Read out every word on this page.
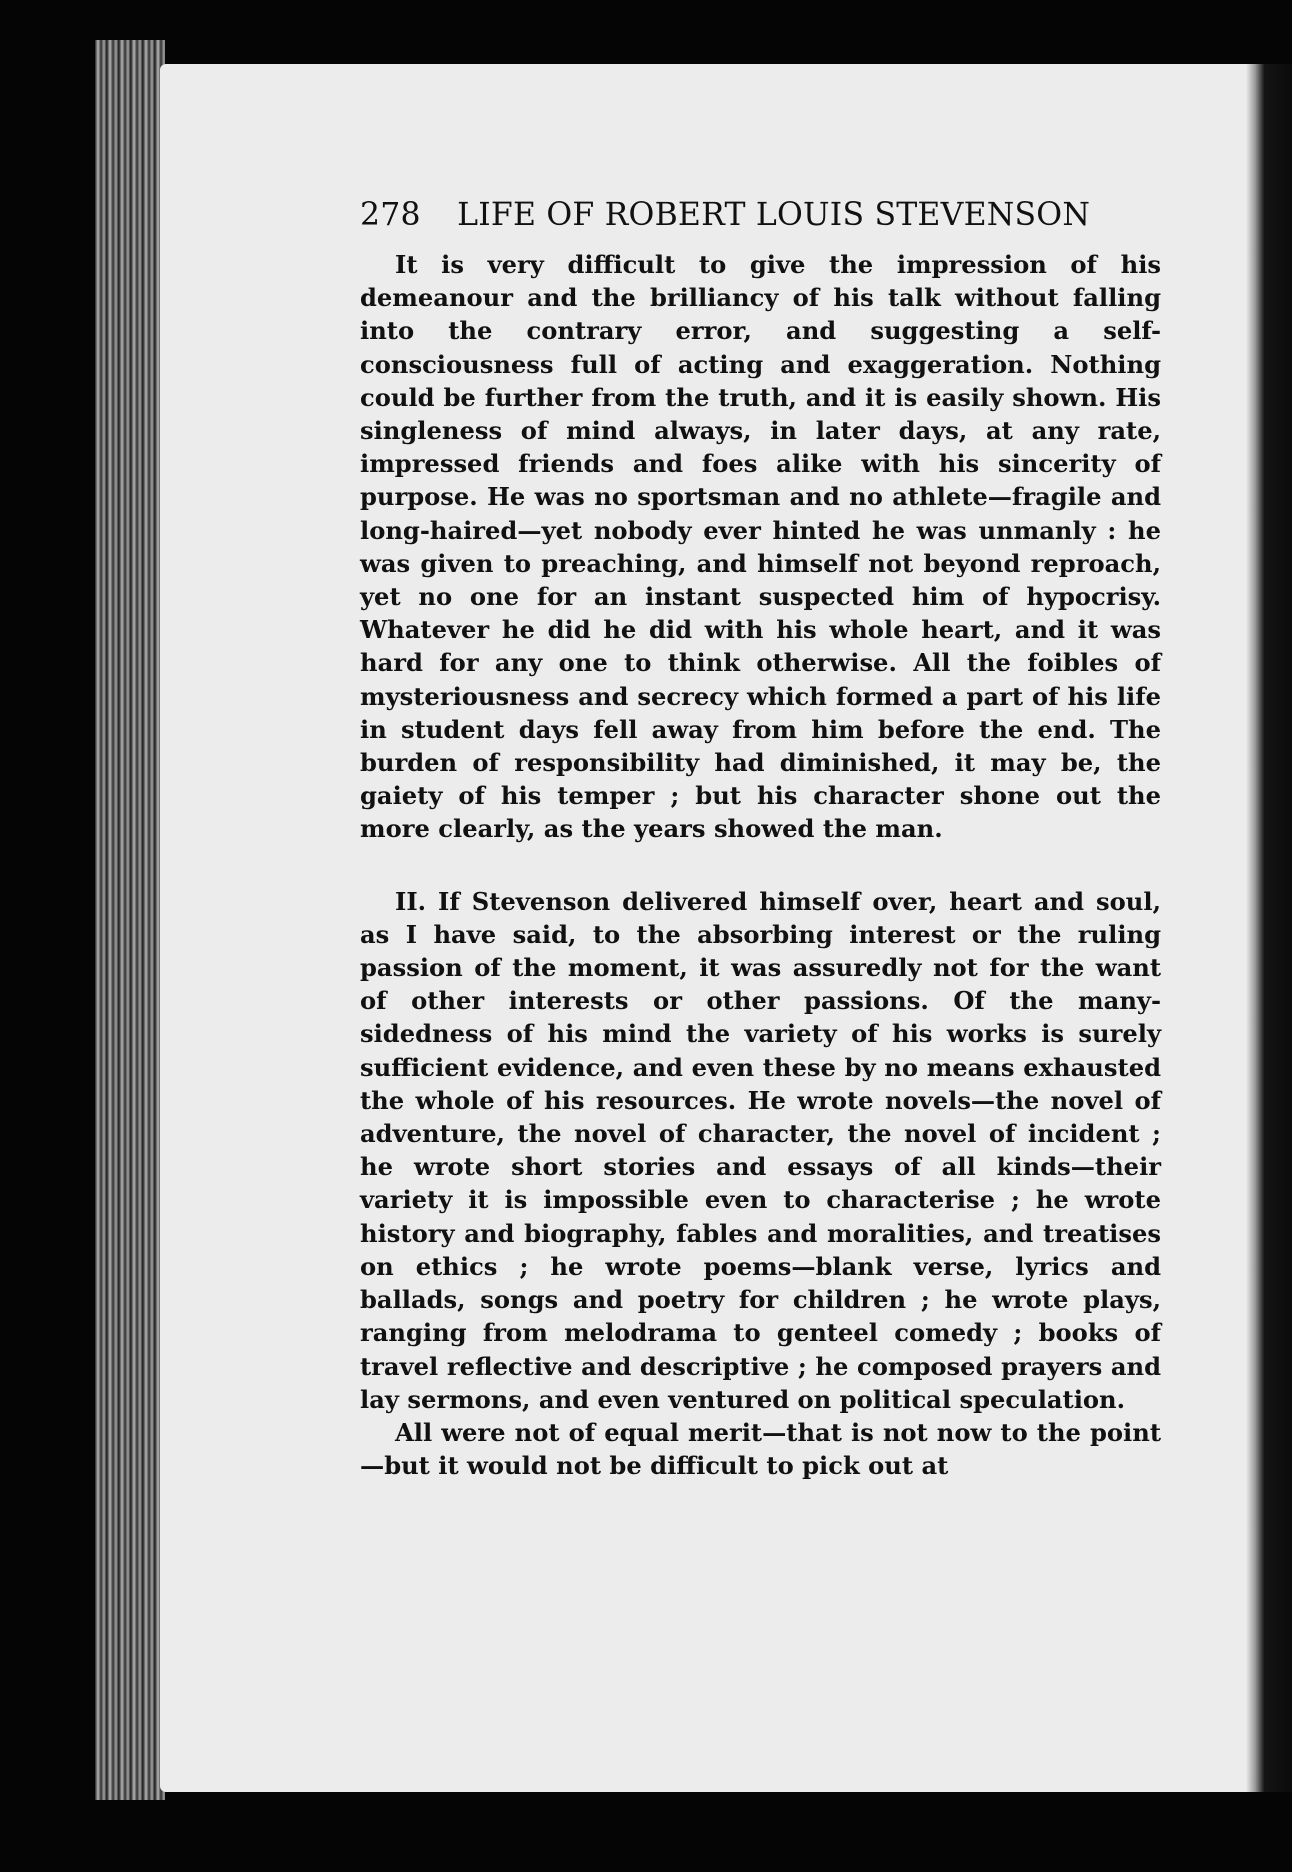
278   LIFE OF ROBERT LOUIS STEVENSON

It is very difficult to give the impression of his demeanour and the brilliancy of his talk without falling into the contrary error, and suggesting a self-consciousness full of acting and exaggeration. Nothing could be further from the truth, and it is easily shown. His singleness of mind always, in later days, at any rate, impressed friends and foes alike with his sincerity of purpose. He was no sportsman and no athlete—fragile and long-haired—yet nobody ever hinted he was unmanly : he was given to preaching, and himself not beyond reproach, yet no one for an instant suspected him of hypocrisy. Whatever he did he did with his whole heart, and it was hard for any one to think otherwise. All the foibles of mysteriousness and secrecy which formed a part of his life in student days fell away from him before the end. The burden of responsibility had diminished, it may be, the gaiety of his temper ; but his character shone out the more clearly, as the years showed the man.

II. If Stevenson delivered himself over, heart and soul, as I have said, to the absorbing interest or the ruling passion of the moment, it was assuredly not for the want of other interests or other passions. Of the many-sidedness of his mind the variety of his works is surely sufficient evidence, and even these by no means exhausted the whole of his resources. He wrote novels—the novel of adventure, the novel of character, the novel of incident ; he wrote short stories and essays of all kinds—their variety it is impossible even to characterise ; he wrote history and biography, fables and moralities, and treatises on ethics ; he wrote poems—blank verse, lyrics and ballads, songs and poetry for children ; he wrote plays, ranging from melodrama to genteel comedy ; books of travel reflective and descriptive ; he composed prayers and lay sermons, and even ventured on political speculation.

All were not of equal merit—that is not now to the point—but it would not be difficult to pick out at
